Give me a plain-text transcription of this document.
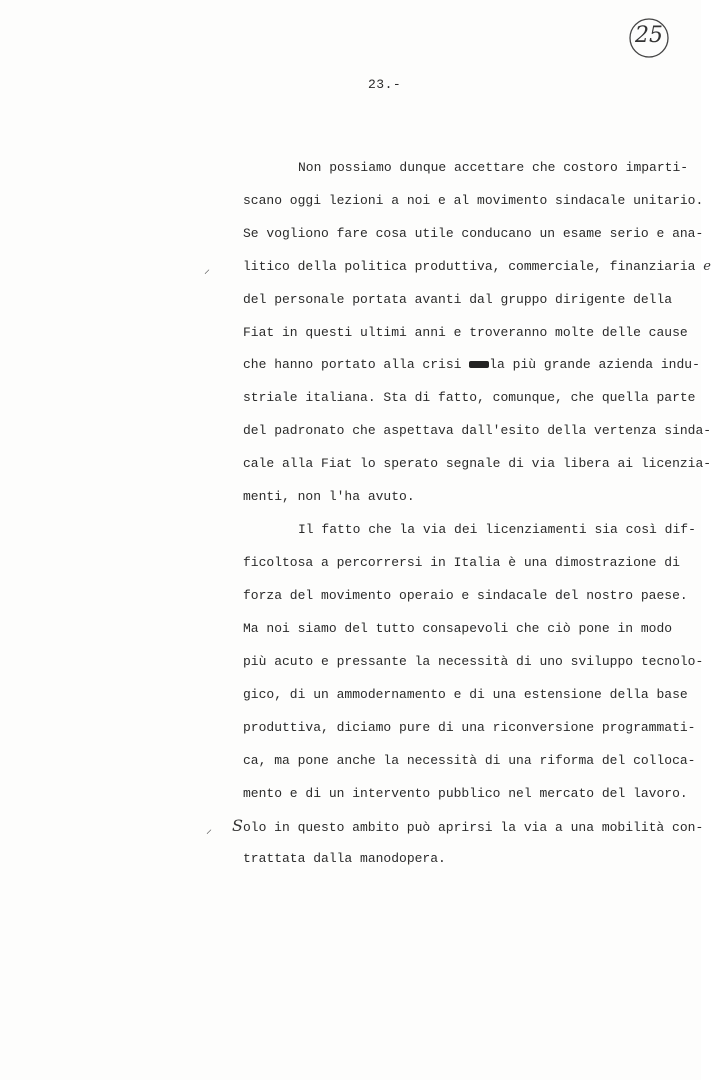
25
23.-
Non possiamo dunque accettare che costoro imparti-
scano oggi lezioni a noi e al movimento sindacale unitario.
Se vogliono fare cosa utile conducano un esame serio e ana-
⸝	litico della politica produttiva, commerciale, finanziaria e
del personale portata avanti dal gruppo dirigente della
Fiat in questi ultimi anni e troveranno molte delle cause
che hanno portato alla crisi la più grande azienda indu-
striale italiana. Sta di fatto, comunque, che quella parte
del padronato che aspettava dall'esito della vertenza sinda-
cale alla Fiat lo sperato segnale di via libera ai licenzia-
menti, non l'ha avuto.
Il fatto che la via dei licenziamenti sia così dif-
ficoltosa a percorrersi in Italia è una dimostrazione di
forza del movimento operaio e sindacale del nostro paese.
Ma noi siamo del tutto consapevoli che ciò pone in modo
più acuto e pressante la necessità di uno sviluppo tecnolo-
gico, di un ammodernamento e di una estensione della base
produttiva, diciamo pure di una riconversione programmati-
ca, ma pone anche la necessità di una riforma del colloca-
mento e di un intervento pubblico nel mercato del lavoro.
⸝ Solo in questo ambito può aprirsi la via a una mobilità con-
trattata dalla manodopera.
